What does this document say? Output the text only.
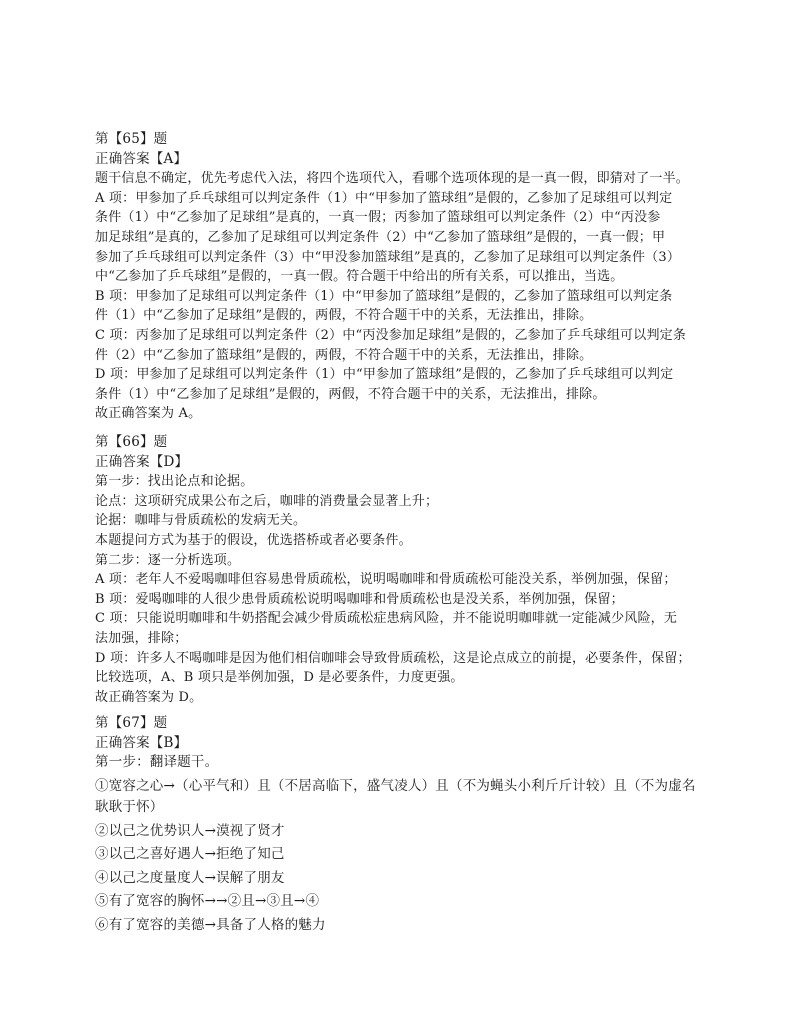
第【65】题
正确答案【A】
题干信息不确定，优先考虑代入法，将四个选项代入，看哪个选项体现的是一真一假，即猜对了一半。
A 项：甲参加了乒乓球组可以判定条件（1）中“甲参加了篮球组”是假的，乙参加了足球组可以判定
条件（1）中“乙参加了足球组”是真的，一真一假；丙参加了篮球组可以判定条件（2）中“丙没参
加足球组”是真的，乙参加了足球组可以判定条件（2）中“乙参加了篮球组”是假的，一真一假；甲
参加了乒乓球组可以判定条件（3）中“甲没参加篮球组”是真的，乙参加了足球组可以判定条件（3）
中“乙参加了乒乓球组”是假的，一真一假。符合题干中给出的所有关系，可以推出，当选。
B 项：甲参加了足球组可以判定条件（1）中“甲参加了篮球组”是假的，乙参加了篮球组可以判定条
件（1）中“乙参加了足球组”是假的，两假，不符合题干中的关系，无法推出，排除。
C 项：丙参加了足球组可以判定条件（2）中“丙没参加足球组”是假的，乙参加了乒乓球组可以判定条
件（2）中“乙参加了篮球组”是假的，两假，不符合题干中的关系，无法推出，排除。
D 项：甲参加了足球组可以判定条件（1）中“甲参加了篮球组”是假的，乙参加了乒乓球组可以判定
条件（1）中“乙参加了足球组”是假的，两假，不符合题干中的关系，无法推出，排除。
故正确答案为 A。
第【66】题
正确答案【D】
第一步：找出论点和论据。
论点：这项研究成果公布之后，咖啡的消费量会显著上升；
论据：咖啡与骨质疏松的发病无关。
本题提问方式为基于的假设，优选搭桥或者必要条件。
第二步：逐一分析选项。
A 项：老年人不爱喝咖啡但容易患骨质疏松，说明喝咖啡和骨质疏松可能没关系，举例加强，保留；
B 项：爱喝咖啡的人很少患骨质疏松说明喝咖啡和骨质疏松也是没关系，举例加强，保留；
C 项：只能说明咖啡和牛奶搭配会减少骨质疏松症患病风险，并不能说明咖啡就一定能减少风险，无
法加强，排除；
D 项：许多人不喝咖啡是因为他们相信咖啡会导致骨质疏松，这是论点成立的前提，必要条件，保留；
比较选项，A、B 项只是举例加强，D 是必要条件，力度更强。
故正确答案为 D。
第【67】题
正确答案【B】
第一步：翻译题干。
①宽容之心→（心平气和）且（不居高临下，盛气凌人）且（不为蝇头小利斤斤计较）且（不为虚名
耿耿于怀）
②以己之优势识人→漠视了贤才
③以己之喜好遇人→拒绝了知己
④以己之度量度人→误解了朋友
⑤有了宽容的胸怀→→②且→③且→④
⑥有了宽容的美德→具备了人格的魅力
